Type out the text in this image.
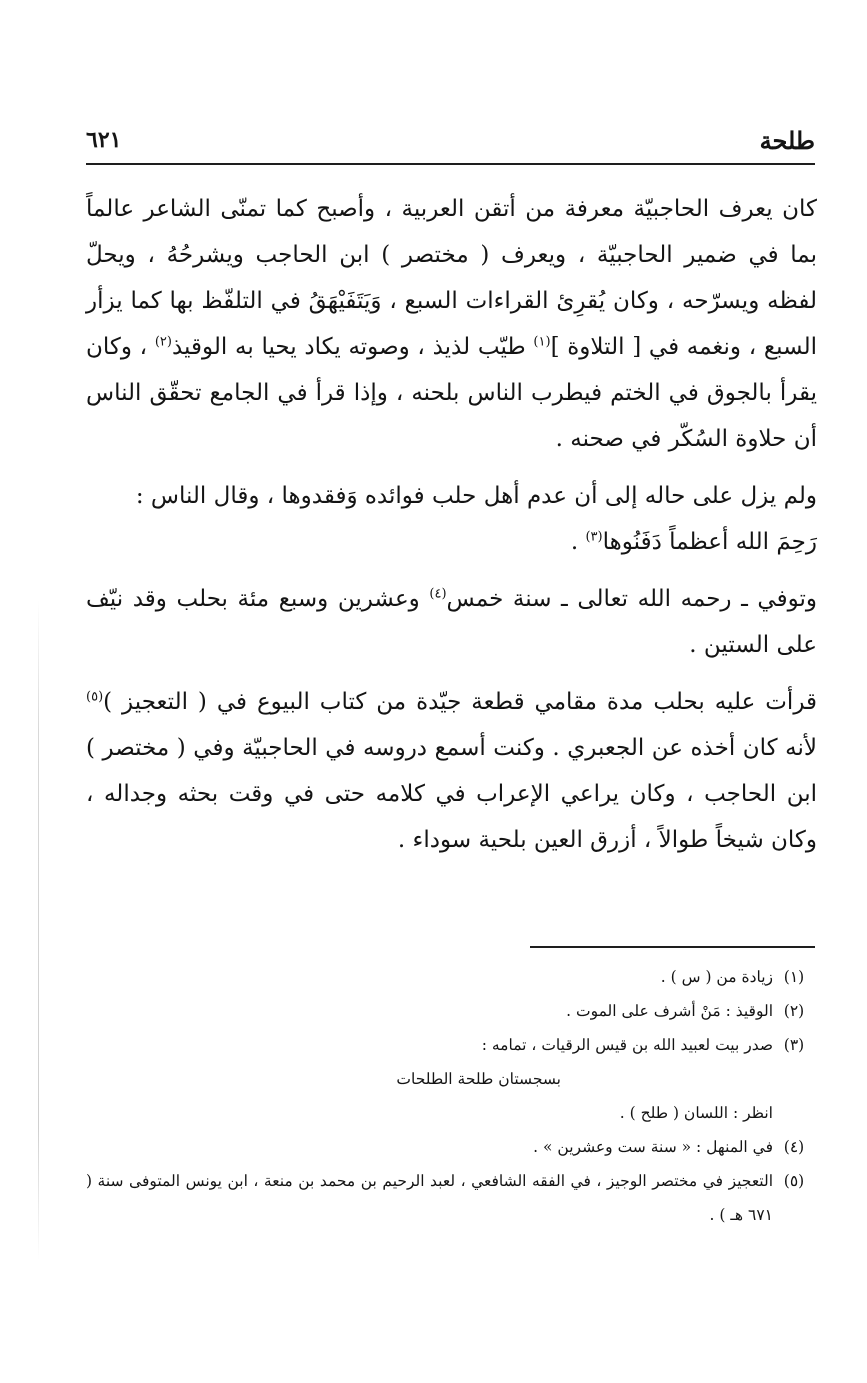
طلحة
٦٢١

كان يعرف الحاجبيّة معرفة من أتقن العربية ، وأصبح كما تمنّى الشاعر عالماً بما في ضمير الحاجبيّة ، ويعرف ( مختصر ) ابن الحاجب ويشرحُهُ ، ويحلّ لفظه ويسرّحه ، وكان يُقرِئ القراءات السبع ، وَيَتَفَيْهَقُ في التلفّظ بها كما يزأر السبع ، ونغمه في [ التلاوة ]$^{(١)}$ طيّب لذيذ ، وصوته يكاد يحيا به الوقيذ$^{(٢)}$ ، وكان يقرأ بالجوق في الختم فيطرب الناس بلحنه ، وإذا قرأ في الجامع تحقّق الناس أن حلاوة السُكّر في صحنه .

ولم يزل على حاله إلى أن عدم أهل حلب فوائده وَفقدوها ، وقال الناس :

رَحِمَ الله أعظماً دَفَنُوها$^{(٣)}$ .

وتوفي ـ رحمه الله تعالى ـ سنة خمس$^{(٤)}$ وعشرين وسبع مئة بحلب وقد نيّف على الستين .

قرأت عليه بحلب مدة مقامي قطعة جيّدة من كتاب البيوع في ( التعجيز )$^{(٥)}$ لأنه كان أخذه عن الجعبري . وكنت أسمع دروسه في الحاجبيّة وفي ( مختصر ) ابن الحاجب ، وكان يراعي الإعراب في كلامه حتى في وقت بحثه وجداله ، وكان شيخاً طوالاً ، أزرق العين بلحية سوداء .

(١)
زيادة من ( س ) .
(٢)
الوقيذ : مَنْ أشرف على الموت .
(٣)
صدر بيت لعبيد الله بن قيس الرقيات ، تمامه :
بسجستان طلحة الطلحات
انظر : اللسان ( طلح ) .
(٤)
في المنهل : « سنة ست وعشرين » .
(٥)
التعجيز في مختصر الوجيز ، في الفقه الشافعي ، لعبد الرحيم بن محمد بن منعة ، ابن يونس المتوفى سنة ( ٦٧١ هـ ) .
